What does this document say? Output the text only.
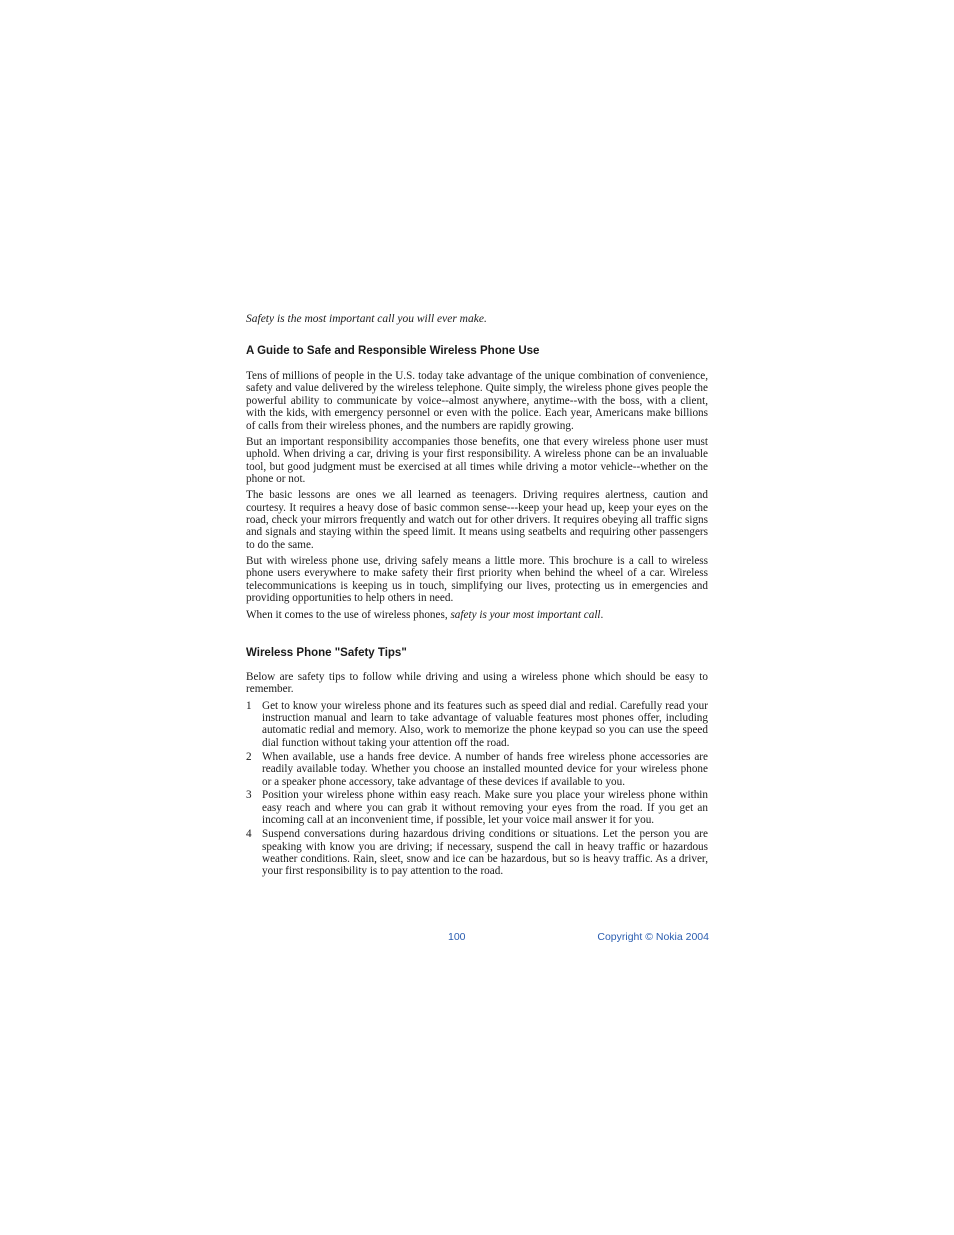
Safety is the most important call you will ever make.
A Guide to Safe and Responsible Wireless Phone Use

Tens of millions of people in the U.S. today take advantage of the unique combination of convenience, safety and value delivered by the wireless telephone. Quite simply, the wireless phone gives people the powerful ability to communicate by voice--almost anywhere, anytime--with the boss, with a client, with the kids, with emergency personnel or even with the police. Each year, Americans make billions of calls from their wireless phones, and the numbers are rapidly growing.

But an important responsibility accompanies those benefits, one that every wireless phone user must uphold. When driving a car, driving is your first responsibility. A wireless phone can be an invaluable tool, but good judgment must be exercised at all times while driving a motor vehicle--whether on the phone or not.

The basic lessons are ones we all learned as teenagers. Driving requires alertness, caution and courtesy. It requires a heavy dose of basic common sense---keep your head up, keep your eyes on the road, check your mirrors frequently and watch out for other drivers. It requires obeying all traffic signs and signals and staying within the speed limit. It means using seatbelts and requiring other passengers to do the same.

But with wireless phone use, driving safely means a little more. This brochure is a call to wireless phone users everywhere to make safety their first priority when behind the wheel of a car. Wireless telecommunications is keeping us in touch, simplifying our lives, protecting us in emergencies and providing opportunities to help others in need.

When it comes to the use of wireless phones, safety is your most important call.

Wireless Phone "Safety Tips"

Below are safety tips to follow while driving and using a wireless phone which should be easy to remember.

1 Get to know your wireless phone and its features such as speed dial and redial. Carefully read your instruction manual and learn to take advantage of valuable features most phones offer, including automatic redial and memory. Also, work to memorize the phone keypad so you can use the speed dial function without taking your attention off the road.
2 When available, use a hands free device. A number of hands free wireless phone accessories are readily available today. Whether you choose an installed mounted device for your wireless phone or a speaker phone accessory, take advantage of these devices if available to you.
3 Position your wireless phone within easy reach. Make sure you place your wireless phone within easy reach and where you can grab it without removing your eyes from the road. If you get an incoming call at an inconvenient time, if possible, let your voice mail answer it for you.
4 Suspend conversations during hazardous driving conditions or situations. Let the person you are speaking with know you are driving; if necessary, suspend the call in heavy traffic or hazardous weather conditions. Rain, sleet, snow and ice can be hazardous, but so is heavy traffic. As a driver, your first responsibility is to pay attention to the road.
100	Copyright © Nokia 2004
